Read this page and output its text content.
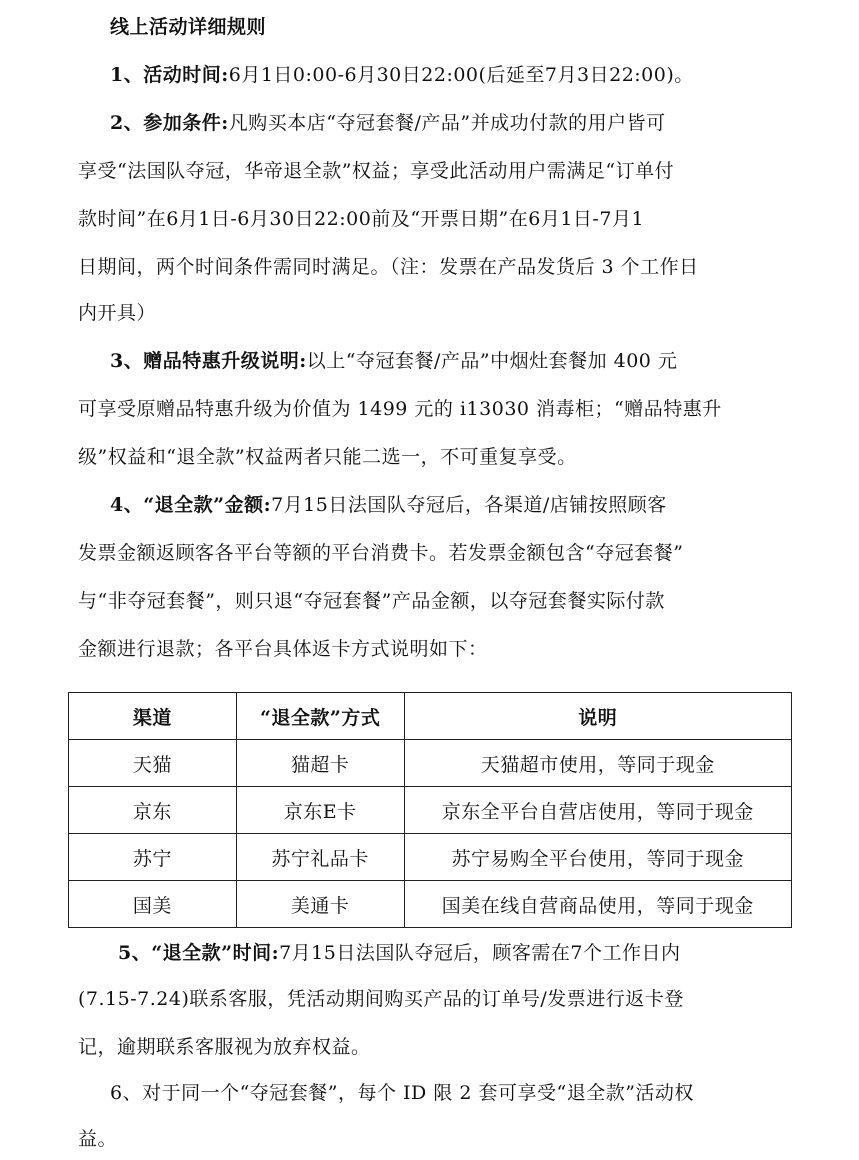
线上活动详细规则
1、活动时间:6月1日0:00-6月30日22:00(后延至7月3日22:00)。
2、参加条件:凡购买本店“夺冠套餐/产品”并成功付款的用户皆可
享受“法国队夺冠，华帝退全款”权益；享受此活动用户需满足“订单付
款时间”在6月1日-6月30日22:00前及“开票日期”在6月1日-7月1
日期间，两个时间条件需同时满足。（注：发票在产品发货后 3 个工作日
内开具）
3、赠品特惠升级说明:以上“夺冠套餐/产品”中烟灶套餐加 400 元
可享受原赠品特惠升级为价值为 1499 元的 i13030 消毒柜；“赠品特惠升
级”权益和“退全款”权益两者只能二选一，不可重复享受。
4、“退全款”金额:7月15日法国队夺冠后，各渠道/店铺按照顾客
发票金额返顾客各平台等额的平台消费卡。若发票金额包含“夺冠套餐”
与“非夺冠套餐”，则只退“夺冠套餐”产品金额，以夺冠套餐实际付款
金额进行退款；各平台具体返卡方式说明如下：
渠道	“退全款”方式	说明
天猫	猫超卡	天猫超市使用，等同于现金
京东	京东E卡	京东全平台自营店使用，等同于现金
苏宁	苏宁礼品卡	苏宁易购全平台使用，等同于现金
国美	美通卡	国美在线自营商品使用，等同于现金
5、“退全款”时间:7月15日法国队夺冠后，顾客需在7个工作日内
(7.15-7.24)联系客服，凭活动期间购买产品的订单号/发票进行返卡登
记，逾期联系客服视为放弃权益。
6、对于同一个“夺冠套餐”，每个 ID 限 2 套可享受“退全款”活动权
益。
